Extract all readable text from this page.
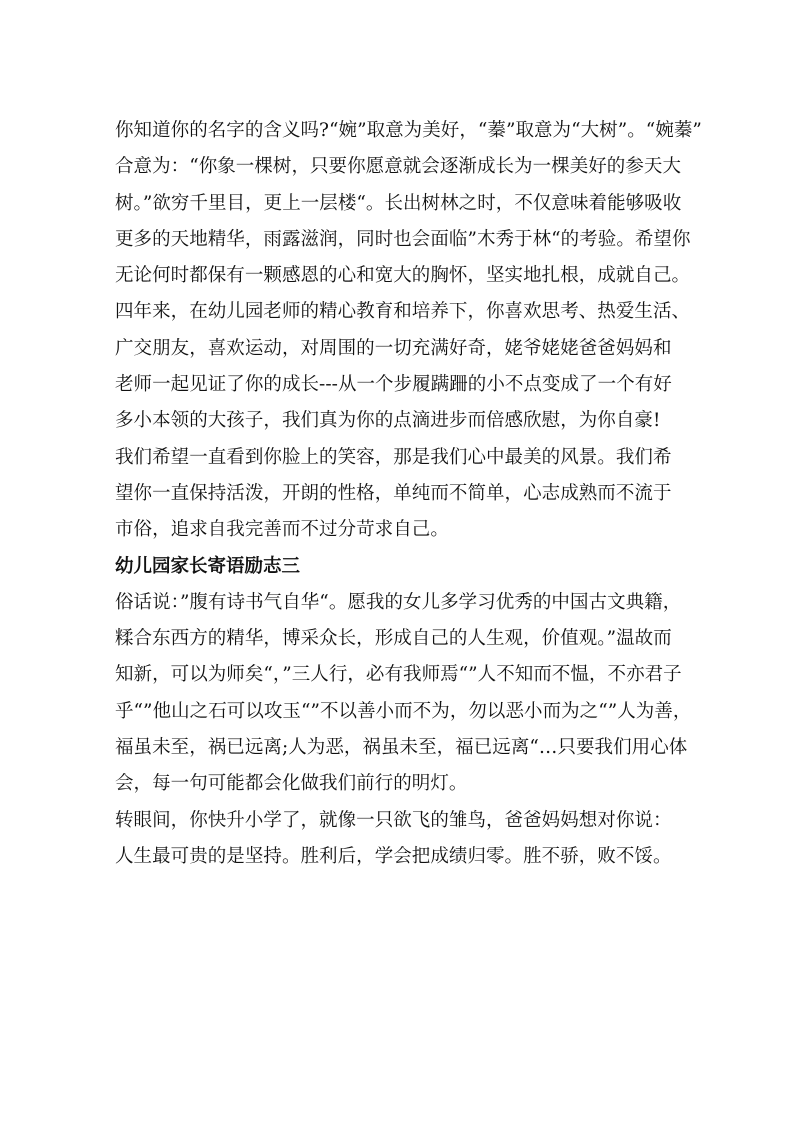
你知道你的名字的含义吗?“婉”取意为美好，“蓁”取意为“大树”。“婉蓁”
合意为：“你象一棵树，只要你愿意就会逐渐成长为一棵美好的参天大
树。”欲穷千里目，更上一层楼“。长出树林之时，不仅意味着能够吸收
更多的天地精华，雨露滋润，同时也会面临”木秀于林“的考验。希望你
无论何时都保有一颗感恩的心和宽大的胸怀，坚实地扎根，成就自己。
四年来，在幼儿园老师的精心教育和培养下，你喜欢思考、热爱生活、
广交朋友，喜欢运动，对周围的一切充满好奇，姥爷姥姥爸爸妈妈和
老师一起见证了你的成长---从一个步履蹒跚的小不点变成了一个有好
多小本领的大孩子，我们真为你的点滴进步而倍感欣慰，为你自豪!

我们希望一直看到你脸上的笑容，那是我们心中最美的风景。我们希
望你一直保持活泼，开朗的性格，单纯而不简单，心志成熟而不流于
市俗，追求自我完善而不过分苛求自己。

幼儿园家长寄语励志三

俗话说：”腹有诗书气自华“。愿我的女儿多学习优秀的中国古文典籍，
糅合东西方的精华，博采众长，形成自己的人生观，价值观。”温故而
知新，可以为师矣“，”三人行，必有我师焉“”人不知而不愠，不亦君子
乎“”他山之石可以攻玉“”不以善小而不为，勿以恶小而为之“”人为善，
福虽未至，祸已远离;人为恶，祸虽未至，福已远离“…只要我们用心体
会，每一句可能都会化做我们前行的明灯。

转眼间，你快升小学了，就像一只欲飞的雏鸟，爸爸妈妈想对你说：
人生最可贵的是坚持。胜利后，学会把成绩归零。胜不骄，败不馁。
